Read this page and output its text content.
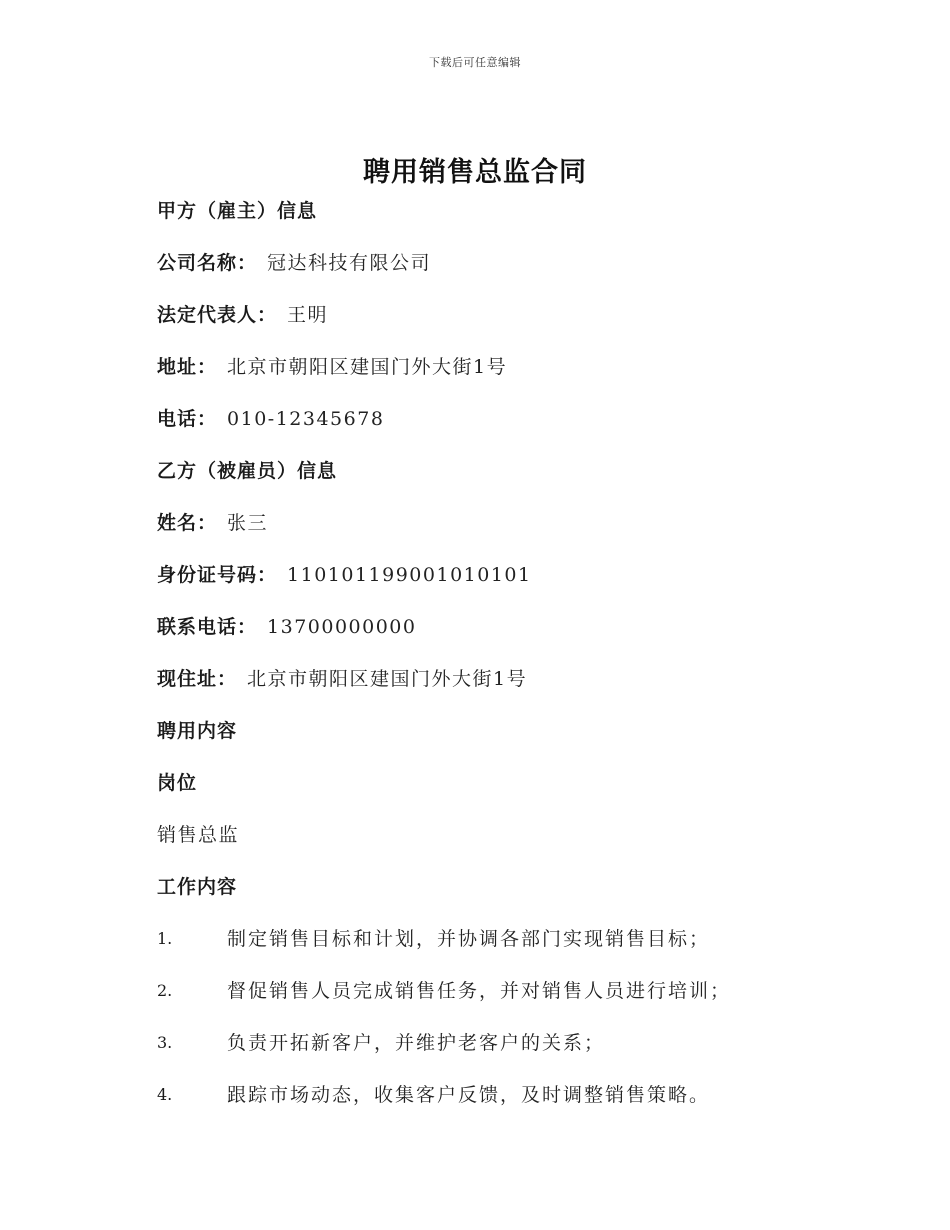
下载后可任意编辑
聘用销售总监合同
甲方（雇主）信息
公司名称： 冠达科技有限公司
法定代表人： 王明
地址： 北京市朝阳区建国门外大街1号
电话： 010-12345678
乙方（被雇员）信息
姓名： 张三
身份证号码： 110101199001010101
联系电话： 13700000000
现住址： 北京市朝阳区建国门外大街1号
聘用内容
岗位
销售总监
工作内容
1.	制定销售目标和计划，并协调各部门实现销售目标；
2.	督促销售人员完成销售任务，并对销售人员进行培训；
3.	负责开拓新客户，并维护老客户的关系；
4.	跟踪市场动态，收集客户反馈，及时调整销售策略。
